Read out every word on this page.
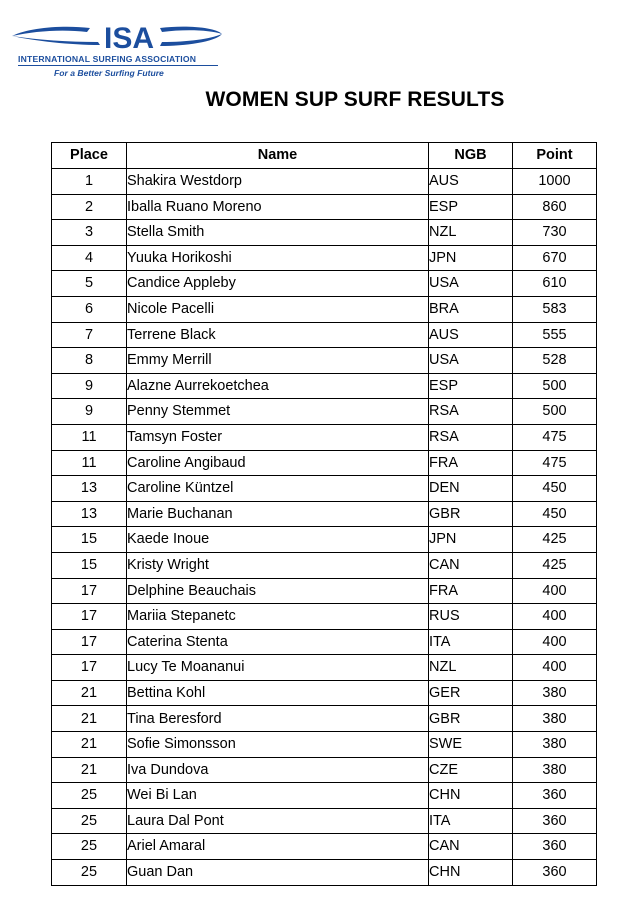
ISA
INTERNATIONAL SURFING ASSOCIATION
For a Better Surfing Future
WOMEN SUP SURF RESULTS
Place	Name	NGB	Point
1	Shakira Westdorp	AUS	1000
2	Iballa Ruano Moreno	ESP	860
3	Stella Smith	NZL	730
4	Yuuka Horikoshi	JPN	670
5	Candice Appleby	USA	610
6	Nicole Pacelli	BRA	583
7	Terrene Black	AUS	555
8	Emmy Merrill	USA	528
9	Alazne Aurrekoetchea	ESP	500
9	Penny Stemmet	RSA	500
11	Tamsyn Foster	RSA	475
11	Caroline Angibaud	FRA	475
13	Caroline Küntzel	DEN	450
13	Marie Buchanan	GBR	450
15	Kaede Inoue	JPN	425
15	Kristy Wright	CAN	425
17	Delphine Beauchais	FRA	400
17	Mariia Stepanetc	RUS	400
17	Caterina Stenta	ITA	400
17	Lucy Te Moananui	NZL	400
21	Bettina Kohl	GER	380
21	Tina Beresford	GBR	380
21	Sofie Simonsson	SWE	380
21	Iva Dundova	CZE	380
25	Wei Bi Lan	CHN	360
25	Laura Dal Pont	ITA	360
25	Ariel Amaral	CAN	360
25	Guan Dan	CHN	360
